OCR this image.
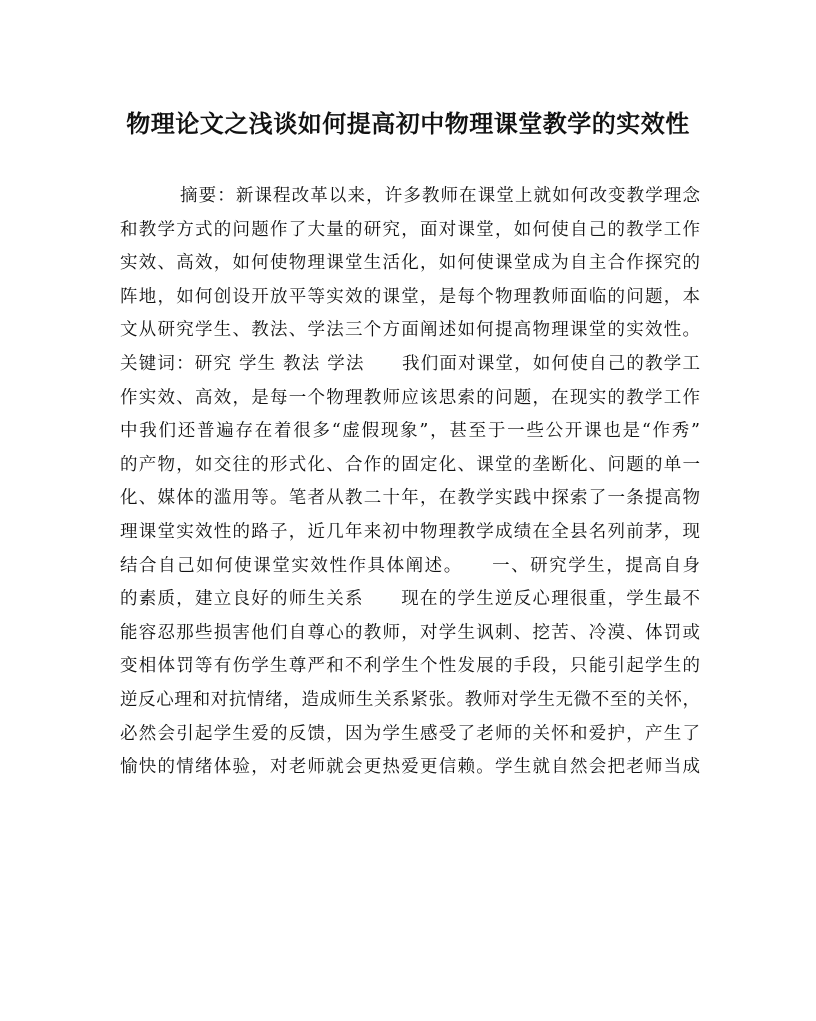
物理论文之浅谈如何提高初中物理课堂教学的实效性
摘要：新课程改革以来，许多教师在课堂上就如何改变教学理念
和教学方式的问题作了大量的研究，面对课堂，如何使自己的教学工作
实效、高效，如何使物理课堂生活化，如何使课堂成为自主合作探究的
阵地，如何创设开放平等实效的课堂，是每个物理教师面临的问题，本
文从研究学生、教法、学法三个方面阐述如何提高物理课堂的实效性。
关键词：研究 学生 教法 学法　　我们面对课堂，如何使自己的教学工
作实效、高效，是每一个物理教师应该思索的问题，在现实的教学工作
中我们还普遍存在着很多“虚假现象”，甚至于一些公开课也是“作秀”
的产物，如交往的形式化、合作的固定化、课堂的垄断化、问题的单一
化、媒体的滥用等。笔者从教二十年，在教学实践中探索了一条提高物
理课堂实效性的路子，近几年来初中物理教学成绩在全县名列前茅，现
结合自己如何使课堂实效性作具体阐述。　　一、研究学生，提高自身
的素质，建立良好的师生关系　　现在的学生逆反心理很重，学生最不
能容忍那些损害他们自尊心的教师，对学生讽刺、挖苦、冷漠、体罚或
变相体罚等有伤学生尊严和不利学生个性发展的手段，只能引起学生的
逆反心理和对抗情绪，造成师生关系紧张。教师对学生无微不至的关怀，
必然会引起学生爱的反馈，因为学生感受了老师的关怀和爱护，产生了
愉快的情绪体验，对老师就会更热爱更信赖。学生就自然会把老师当成
